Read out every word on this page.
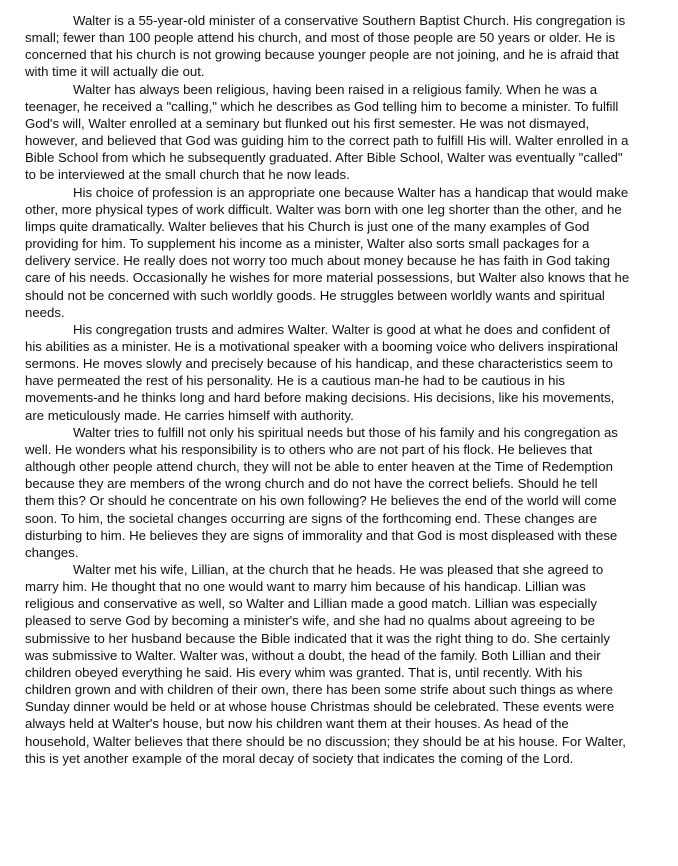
Walter is a 55-year-old minister of a conservative Southern Baptist Church. His congregation is small; fewer than 100 people attend his church, and most of those people are 50 years or older. He is concerned that his church is not growing because younger people are not joining, and he is afraid that with time it will actually die out.

Walter has always been religious, having been raised in a religious family. When he was a teenager, he received a "calling," which he describes as God telling him to become a minister. To fulfill God's will, Walter enrolled at a seminary but flunked out his first semester. He was not dismayed, however, and believed that God was guiding him to the correct path to fulfill His will. Walter enrolled in a Bible School from which he subsequently graduated. After Bible School, Walter was eventually "called" to be interviewed at the small church that he now leads.

His choice of profession is an appropriate one because Walter has a handicap that would make other, more physical types of work difficult. Walter was born with one leg shorter than the other, and he limps quite dramatically. Walter believes that his Church is just one of the many examples of God providing for him. To supplement his income as a minister, Walter also sorts small packages for a delivery service. He really does not worry too much about money because he has faith in God taking care of his needs. Occasionally he wishes for more material possessions, but Walter also knows that he should not be concerned with such worldly goods. He struggles between worldly wants and spiritual needs.

His congregation trusts and admires Walter. Walter is good at what he does and confident of his abilities as a minister. He is a motivational speaker with a booming voice who delivers inspirational sermons. He moves slowly and precisely because of his handicap, and these characteristics seem to have permeated the rest of his personality. He is a cautious man-he had to be cautious in his movements-and he thinks long and hard before making decisions. His decisions, like his movements, are meticulously made. He carries himself with authority.

Walter tries to fulfill not only his spiritual needs but those of his family and his congregation as well. He wonders what his responsibility is to others who are not part of his flock. He believes that although other people attend church, they will not be able to enter heaven at the Time of Redemption because they are members of the wrong church and do not have the correct beliefs. Should he tell them this? Or should he concentrate on his own following? He believes the end of the world will come soon. To him, the societal changes occurring are signs of the forthcoming end. These changes are disturbing to him. He believes they are signs of immorality and that God is most displeased with these changes.

Walter met his wife, Lillian, at the church that he heads. He was pleased that she agreed to marry him. He thought that no one would want to marry him because of his handicap. Lillian was religious and conservative as well, so Walter and Lillian made a good match. Lillian was especially pleased to serve God by becoming a minister's wife, and she had no qualms about agreeing to be submissive to her husband because the Bible indicated that it was the right thing to do. She certainly was submissive to Walter. Walter was, without a doubt, the head of the family. Both Lillian and their children obeyed everything he said. His every whim was granted. That is, until recently. With his children grown and with children of their own, there has been some strife about such things as where Sunday dinner would be held or at whose house Christmas should be celebrated. These events were always held at Walter's house, but now his children want them at their houses. As head of the household, Walter believes that there should be no discussion; they should be at his house. For Walter, this is yet another example of the moral decay of society that indicates the coming of the Lord.
